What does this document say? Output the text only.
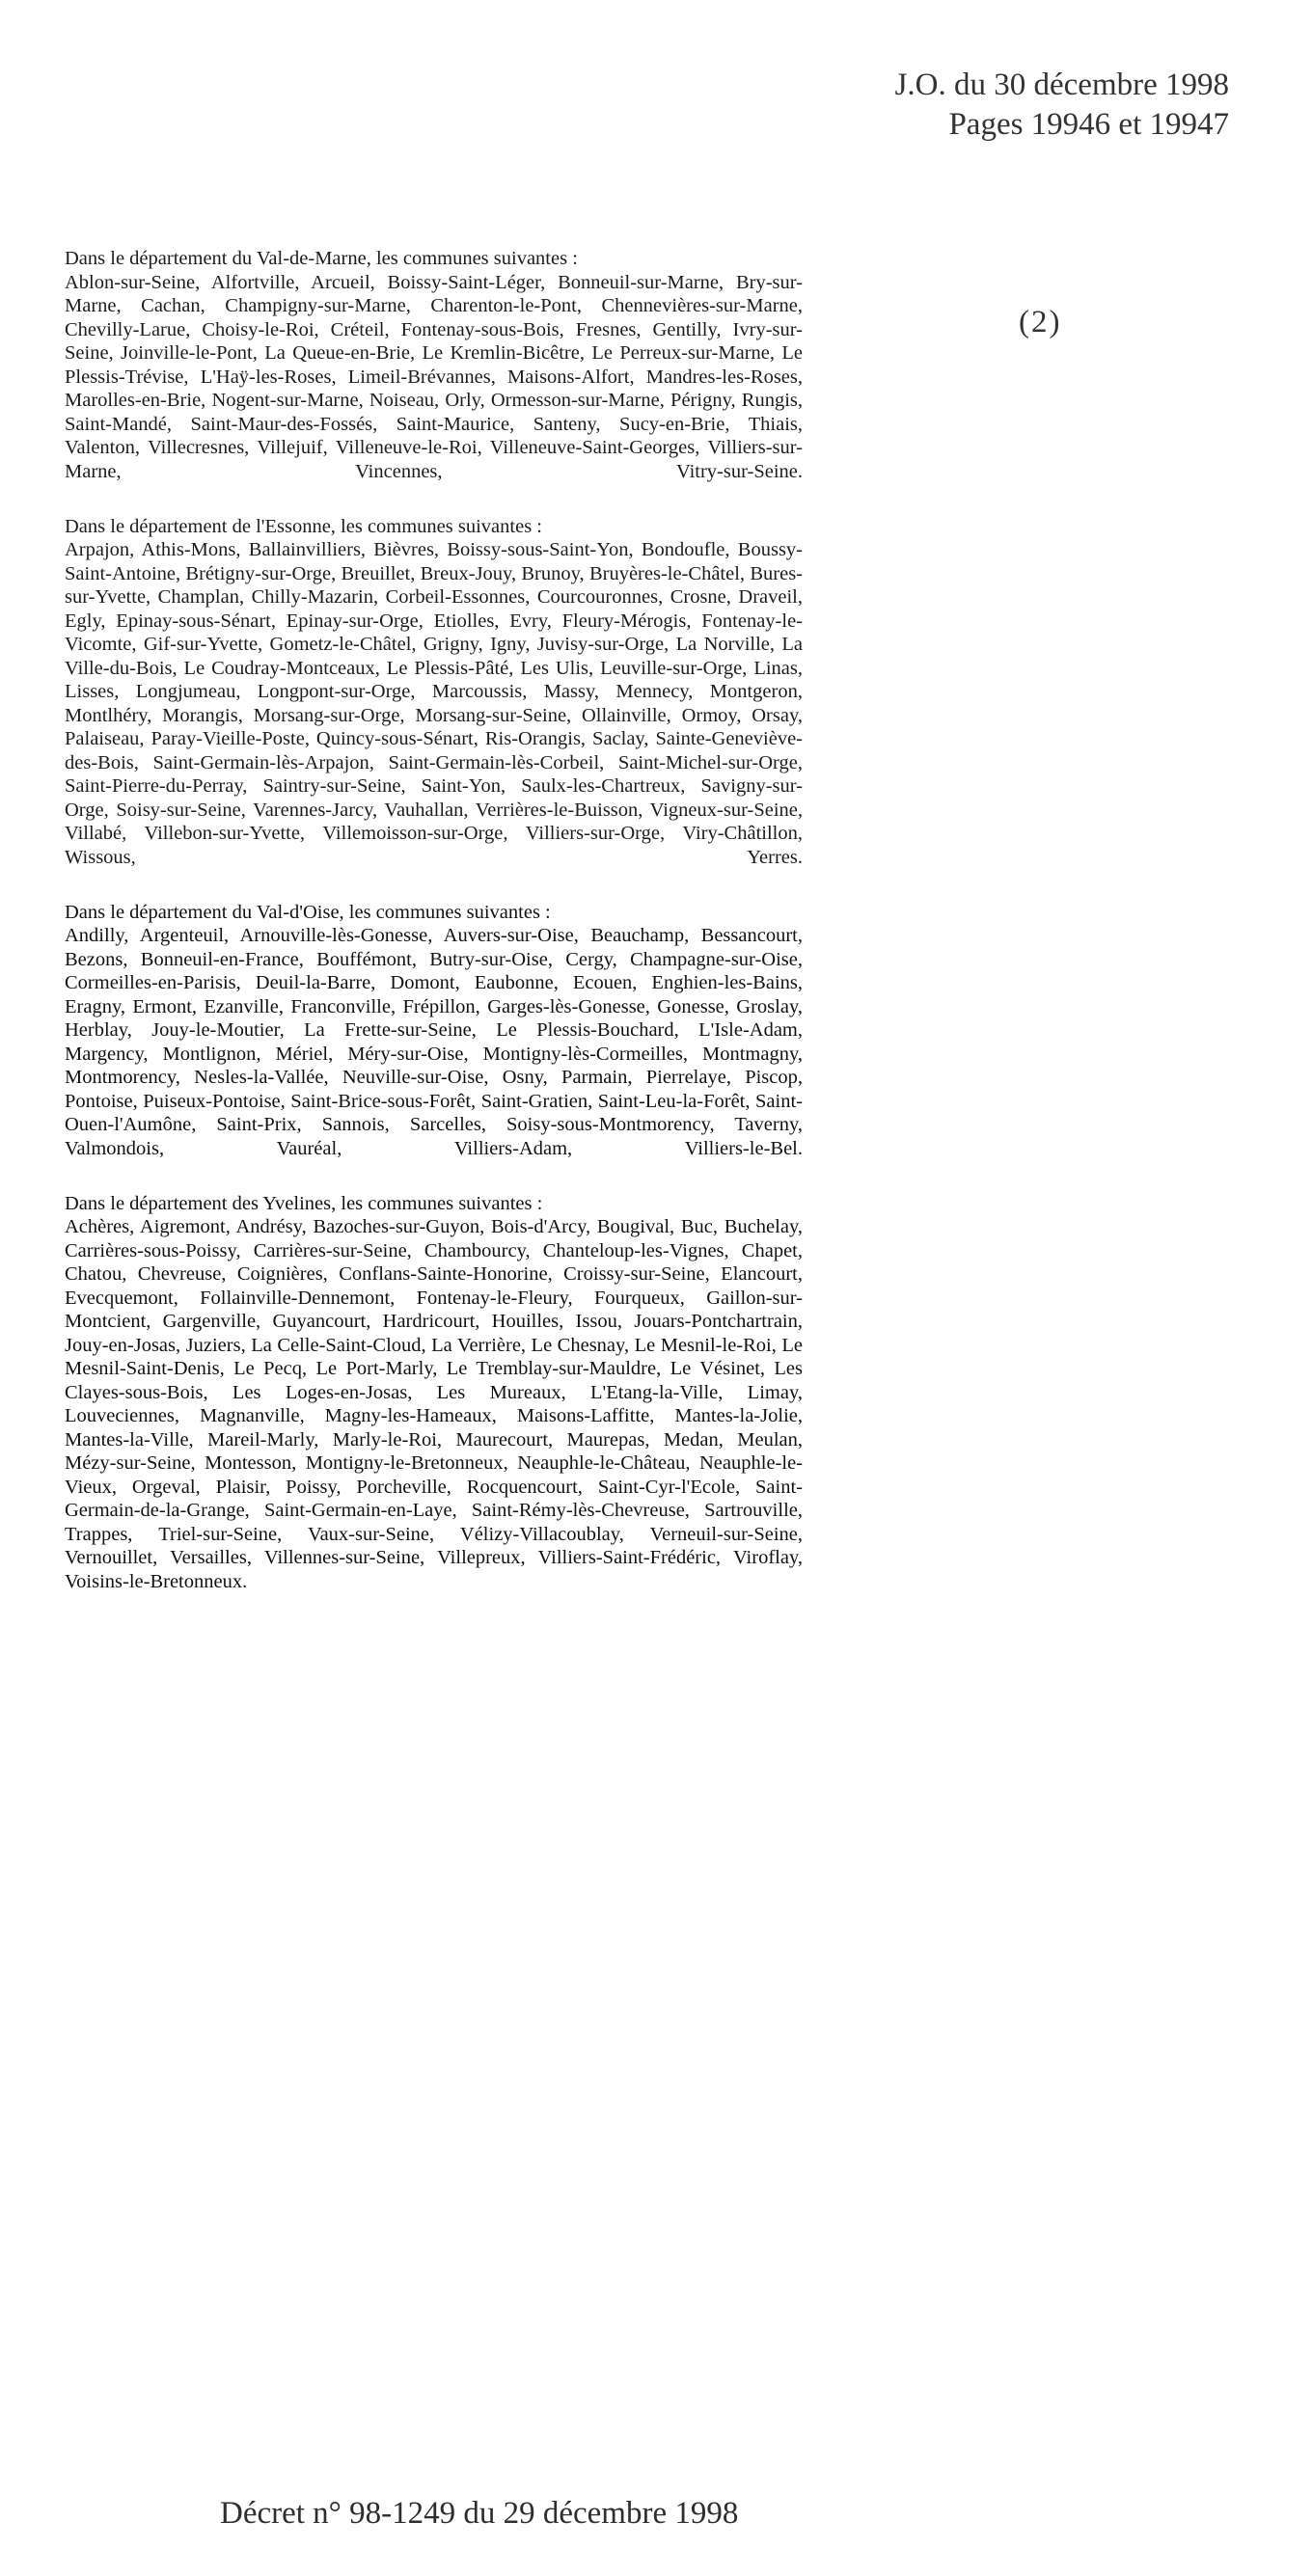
J.O. du 30 décembre 1998
Pages 19946 et 19947
(2)

Dans le département du Val-de-Marne, les communes suivantes :

Ablon-sur-Seine, Alfortville, Arcueil, Boissy-Saint-Léger, Bonneuil-sur-Marne, Bry-sur-Marne, Cachan, Champigny-sur-Marne, Charenton-le-Pont, Chennevières-sur-Marne, Chevilly-Larue, Choisy-le-Roi, Créteil, Fontenay-sous-Bois, Fresnes, Gentilly, Ivry-sur-Seine, Joinville-le-Pont, La Queue-en-Brie, Le Kremlin-Bicêtre, Le Perreux-sur-Marne, Le Plessis-Trévise, L'Haÿ-les-Roses, Limeil-Brévannes, Maisons-Alfort, Mandres-les-Roses, Marolles-en-Brie, Nogent-sur-Marne, Noiseau, Orly, Ormesson-sur-Marne, Périgny, Rungis, Saint-Mandé, Saint-Maur-des-Fossés, Saint-Maurice, Santeny, Sucy-en-Brie, Thiais, Valenton, Villecresnes, Villejuif, Villeneuve-le-Roi, Villeneuve-Saint-Georges, Villiers-sur-Marne, Vincennes, Vitry-sur-Seine.

Dans le département de l'Essonne, les communes suivantes :

Arpajon, Athis-Mons, Ballainvilliers, Bièvres, Boissy-sous-Saint-Yon, Bondoufle, Boussy-Saint-Antoine, Brétigny-sur-Orge, Breuillet, Breux-Jouy, Brunoy, Bruyères-le-Châtel, Bures-sur-Yvette, Champlan, Chilly-Mazarin, Corbeil-Essonnes, Courcouronnes, Crosne, Draveil, Egly, Epinay-sous-Sénart, Epinay-sur-Orge, Etiolles, Evry, Fleury-Mérogis, Fontenay-le-Vicomte, Gif-sur-Yvette, Gometz-le-Châtel, Grigny, Igny, Juvisy-sur-Orge, La Norville, La Ville-du-Bois, Le Coudray-Montceaux, Le Plessis-Pâté, Les Ulis, Leuville-sur-Orge, Linas, Lisses, Longjumeau, Longpont-sur-Orge, Marcoussis, Massy, Mennecy, Montgeron, Montlhéry, Morangis, Morsang-sur-Orge, Morsang-sur-Seine, Ollainville, Ormoy, Orsay, Palaiseau, Paray-Vieille-Poste, Quincy-sous-Sénart, Ris-Orangis, Saclay, Sainte-Geneviève-des-Bois, Saint-Germain-lès-Arpajon, Saint-Germain-lès-Corbeil, Saint-Michel-sur-Orge, Saint-Pierre-du-Perray, Saintry-sur-Seine, Saint-Yon, Saulx-les-Chartreux, Savigny-sur-Orge, Soisy-sur-Seine, Varennes-Jarcy, Vauhallan, Verrières-le-Buisson, Vigneux-sur-Seine, Villabé, Villebon-sur-Yvette, Villemoisson-sur-Orge, Villiers-sur-Orge, Viry-Châtillon, Wissous, Yerres.

Dans le département du Val-d'Oise, les communes suivantes :

Andilly, Argenteuil, Arnouville-lès-Gonesse, Auvers-sur-Oise, Beauchamp, Bessancourt, Bezons, Bonneuil-en-France, Bouffémont, Butry-sur-Oise, Cergy, Champagne-sur-Oise, Cormeilles-en-Parisis, Deuil-la-Barre, Domont, Eaubonne, Ecouen, Enghien-les-Bains, Eragny, Ermont, Ezanville, Franconville, Frépillon, Garges-lès-Gonesse, Gonesse, Groslay, Herblay, Jouy-le-Moutier, La Frette-sur-Seine, Le Plessis-Bouchard, L'Isle-Adam, Margency, Montlignon, Mériel, Méry-sur-Oise, Montigny-lès-Cormeilles, Montmagny, Montmorency, Nesles-la-Vallée, Neuville-sur-Oise, Osny, Parmain, Pierrelaye, Piscop, Pontoise, Puiseux-Pontoise, Saint-Brice-sous-Forêt, Saint-Gratien, Saint-Leu-la-Forêt, Saint-Ouen-l'Aumône, Saint-Prix, Sannois, Sarcelles, Soisy-sous-Montmorency, Taverny, Valmondois, Vauréal, Villiers-Adam, Villiers-le-Bel.

Dans le département des Yvelines, les communes suivantes :

Achères, Aigremont, Andrésy, Bazoches-sur-Guyon, Bois-d'Arcy, Bougival, Buc, Buchelay, Carrières-sous-Poissy, Carrières-sur-Seine, Chambourcy, Chanteloup-les-Vignes, Chapet, Chatou, Chevreuse, Coignières, Conflans-Sainte-Honorine, Croissy-sur-Seine, Elancourt, Evecquemont, Follainville-Dennemont, Fontenay-le-Fleury, Fourqueux, Gaillon-sur-Montcient, Gargenville, Guyancourt, Hardricourt, Houilles, Issou, Jouars-Pontchartrain, Jouy-en-Josas, Juziers, La Celle-Saint-Cloud, La Verrière, Le Chesnay, Le Mesnil-le-Roi, Le Mesnil-Saint-Denis, Le Pecq, Le Port-Marly, Le Tremblay-sur-Mauldre, Le Vésinet, Les Clayes-sous-Bois, Les Loges-en-Josas, Les Mureaux, L'Etang-la-Ville, Limay, Louveciennes, Magnanville, Magny-les-Hameaux, Maisons-Laffitte, Mantes-la-Jolie, Mantes-la-Ville, Mareil-Marly, Marly-le-Roi, Maurecourt, Maurepas, Medan, Meulan, Mézy-sur-Seine, Montesson, Montigny-le-Bretonneux, Neauphle-le-Château, Neauphle-le-Vieux, Orgeval, Plaisir, Poissy, Porcheville, Rocquencourt, Saint-Cyr-l'Ecole, Saint-Germain-de-la-Grange, Saint-Germain-en-Laye, Saint-Rémy-lès-Chevreuse, Sartrouville, Trappes, Triel-sur-Seine, Vaux-sur-Seine, Vélizy-Villacoublay, Verneuil-sur-Seine, Vernouillet, Versailles, Villennes-sur-Seine, Villepreux, Villiers-Saint-Frédéric, Viroflay, Voisins-le-Bretonneux.

Décret n° 98-1249 du 29 décembre 1998
